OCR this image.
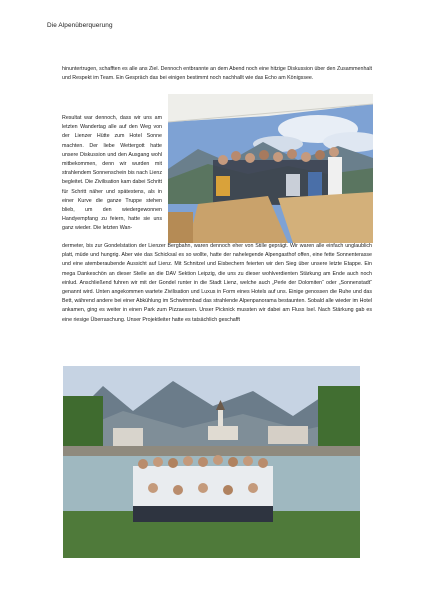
Die Alpenüberquerung

hinuntertrugen, schafften es alle ans Ziel. Dennoch entbrannte an dem Abend noch eine hitzige Diskussion über den Zusammenhalt und Respekt im Team. Ein Gespräch das bei einigen bestimmt noch nachhallt wie das Echo am Königssee.

Resultat war dennoch, dass wir uns am letzten Wandertag alle auf den Weg von der Lienzer Hütte zum Hotel Sonne machten. Der liebe Wettergott hatte unsere Diskussion und den Ausgang wohl mitbekommen, denn wir wurden mit strahlendem Sonnenschein bis nach Lienz begleitet. Die Zivilisation kam dabei Schritt für Schritt näher und spätestens, als in einer Kurve die ganze Truppe stehen blieb, um den wiedergewonnen Handyempfang zu feiern, hatte sie uns ganz wieder. Die letzten Wan-

dermeter, bis zur Gondelstation der Lienzer Bergbahn, waren dennoch eher von Stille geprägt. Wir waren alle einfach unglaublich platt, müde und hungrig. Aber wie das Schicksal es so wollte, hatte der nahelegende Alpengasthof offen, eine fette Sonnenterasse und eine atemberaubende Aussicht auf Lienz. Mit Schnitzel und Eisbechern feierten wir den Sieg über unsere letzte Etappe. Ein mega Dankeschön an dieser Stelle an die DAV Sektion Leipzig, die uns zu dieser wohlverdienten Stärkung am Ende auch noch einlud. Anschließend fuhren wir mit der Gondel runter in die Stadt Lienz, welche auch „Perle der Dolomiten“ oder „Sonnenstadt“ genannt wird. Unten angekommen wartete Zivilisation und Luxus in Form eines Hotels auf uns. Einige genossen die Ruhe und das Bett, während andere bei einer Abkühlung im Schwimmbad das strahlende Alpenpanorama bestaunten. Sobald alle wieder im Hotel ankamen, ging es weiter in einen Park zum Pizzaessen. Unser Picknick mussten wir dabei am Fluss Isel. Nach Stärkung gab es eine riesige Überraschung. Unser Projektleiter hatte es tatsächlich geschafft
